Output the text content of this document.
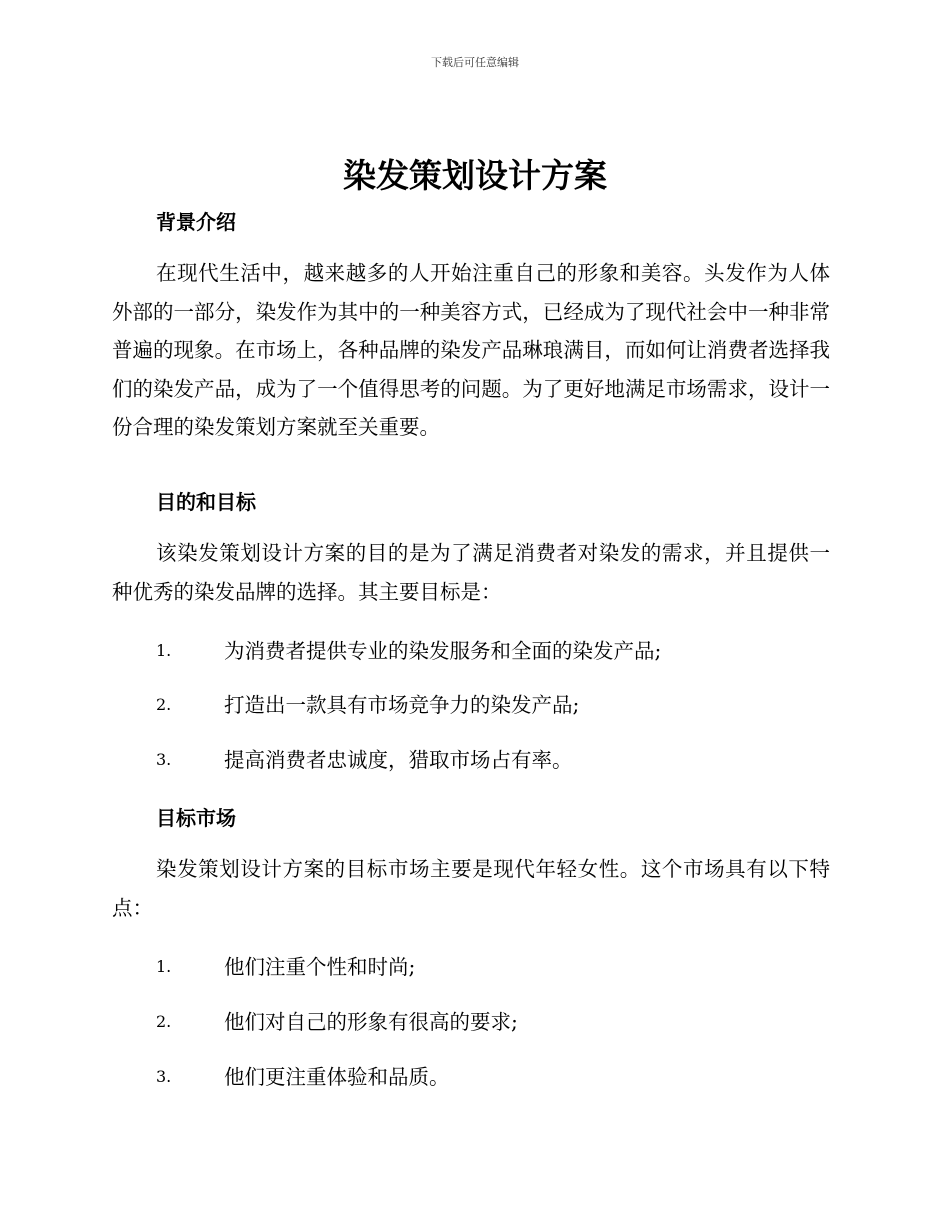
下载后可任意编辑
染发策划设计方案
背景介绍

在现代生活中，越来越多的人开始注重自己的形象和美容。头发作为人体外部的一部分，染发作为其中的一种美容方式，已经成为了现代社会中一种非常普遍的现象。在市场上，各种品牌的染发产品琳琅满目，而如何让消费者选择我们的染发产品，成为了一个值得思考的问题。为了更好地满足市场需求，设计一份合理的染发策划方案就至关重要。

目的和目标

该染发策划设计方案的目的是为了满足消费者对染发的需求，并且提供一种优秀的染发品牌的选择。其主要目标是：

1.	为消费者提供专业的染发服务和全面的染发产品;
2.	打造出一款具有市场竞争力的染发产品;
3.	提高消费者忠诚度，猎取市场占有率。
目标市场

染发策划设计方案的目标市场主要是现代年轻女性。这个市场具有以下特点：

1.	他们注重个性和时尚;
2.	他们对自己的形象有很高的要求;
3.	他们更注重体验和品质。
